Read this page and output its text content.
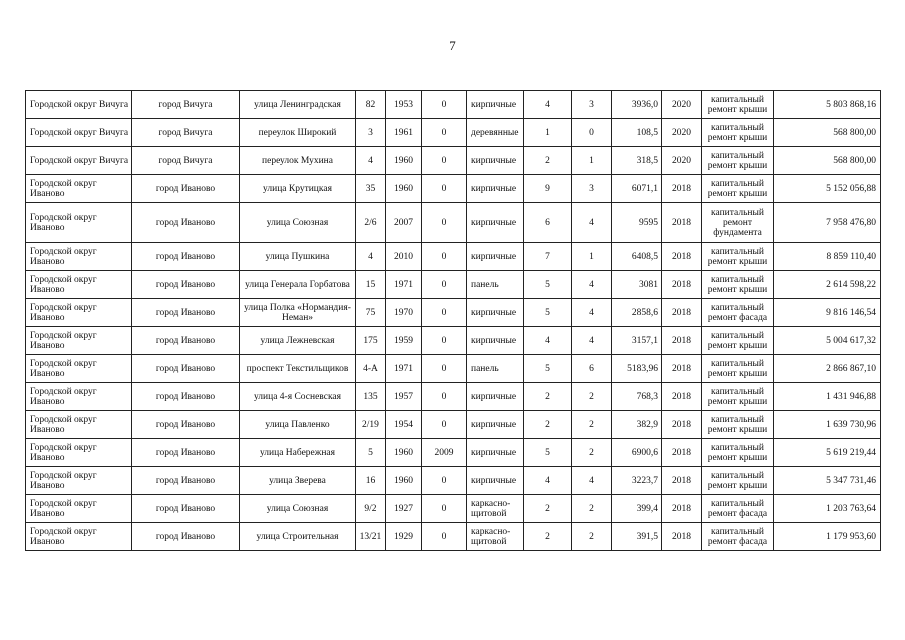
7
Городской округ Вичуга	город Вичуга	улица Ленинградская	82	1953	0	кирпичные	4	3	3936,0	2020	капитальный ремонт крыши	5 803 868,16
Городской округ Вичуга	город Вичуга	переулок Широкий	3	1961	0	деревянные	1	0	108,5	2020	капитальный ремонт крыши	568 800,00
Городской округ Вичуга	город Вичуга	переулок Мухина	4	1960	0	кирпичные	2	1	318,5	2020	капитальный ремонт крыши	568 800,00
Городской округ Иваново	город Иваново	улица Крутицкая	35	1960	0	кирпичные	9	3	6071,1	2018	капитальный ремонт крыши	5 152 056,88
Городской округ Иваново	город Иваново	улица Союзная	2/6	2007	0	кирпичные	6	4	9595	2018	капитальный ремонт фундамента	7 958 476,80
Городской округ Иваново	город Иваново	улица Пушкина	4	2010	0	кирпичные	7	1	6408,5	2018	капитальный ремонт крыши	8 859 110,40
Городской округ Иваново	город Иваново	улица Генерала Горбатова	15	1971	0	панель	5	4	3081	2018	капитальный ремонт крыши	2 614 598,22
Городской округ Иваново	город Иваново	улица Полка «Нормандия-Неман»	75	1970	0	кирпичные	5	4	2858,6	2018	капитальный ремонт фасада	9 816 146,54
Городской округ Иваново	город Иваново	улица Лежневская	175	1959	0	кирпичные	4	4	3157,1	2018	капитальный ремонт крыши	5 004 617,32
Городской округ Иваново	город Иваново	проспект Текстильщиков	4-А	1971	0	панель	5	6	5183,96	2018	капитальный ремонт крыши	2 866 867,10
Городской округ Иваново	город Иваново	улица 4-я Сосневская	135	1957	0	кирпичные	2	2	768,3	2018	капитальный ремонт крыши	1 431 946,88
Городской округ Иваново	город Иваново	улица Павленко	2/19	1954	0	кирпичные	2	2	382,9	2018	капитальный ремонт крыши	1 639 730,96
Городской округ Иваново	город Иваново	улица Набережная	5	1960	2009	кирпичные	5	2	6900,6	2018	капитальный ремонт крыши	5 619 219,44
Городской округ Иваново	город Иваново	улица Зверева	16	1960	0	кирпичные	4	4	3223,7	2018	капитальный ремонт крыши	5 347 731,46
Городской округ Иваново	город Иваново	улица Союзная	9/2	1927	0	каркасно-щитовой	2	2	399,4	2018	капитальный ремонт фасада	1 203 763,64
Городской округ Иваново	город Иваново	улица Строительная	13/21	1929	0	каркасно-щитовой	2	2	391,5	2018	капитальный ремонт фасада	1 179 953,60
